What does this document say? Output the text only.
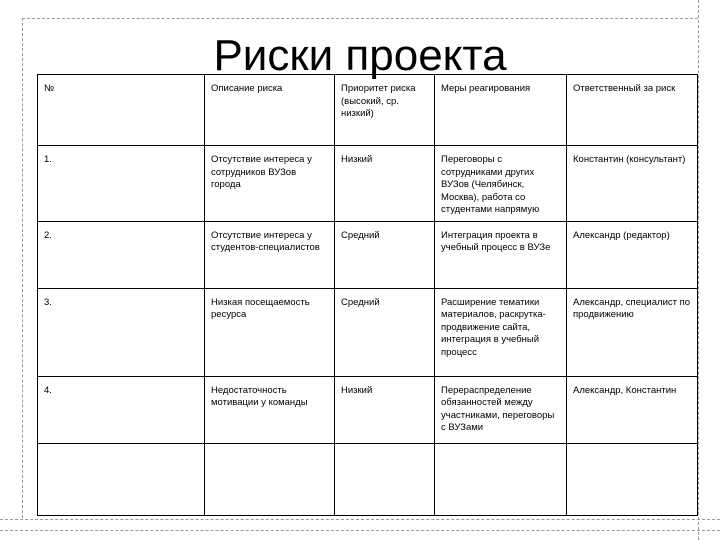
Риски проекта
№	Описание риска	Приоритет риска (высокий, ср. низкий)	Меры реагирования	Ответственный за риск
1.	Отсутствие интереса у сотрудников ВУЗов города	Низкий	Переговоры с сотрудниками других ВУЗов (Челябинск, Москва), работа со студентами напрямую	Константин (консультант)
2.	Отсутствие интереса у студентов-специалистов	Средний	Интеграция проекта в учебный процесс в ВУЗе	Александр (редактор)
3.	Низкая посещаемость ресурса	Средний	Расширение тематики материалов, раскрутка-продвижение сайта, интеграция в учебный процесс	Александр, специалист по продвижению
4.	Недостаточность мотивации у команды	Низкий	Перераспределение обязанностей между участниками, переговоры с ВУЗами	Александр, Константин
